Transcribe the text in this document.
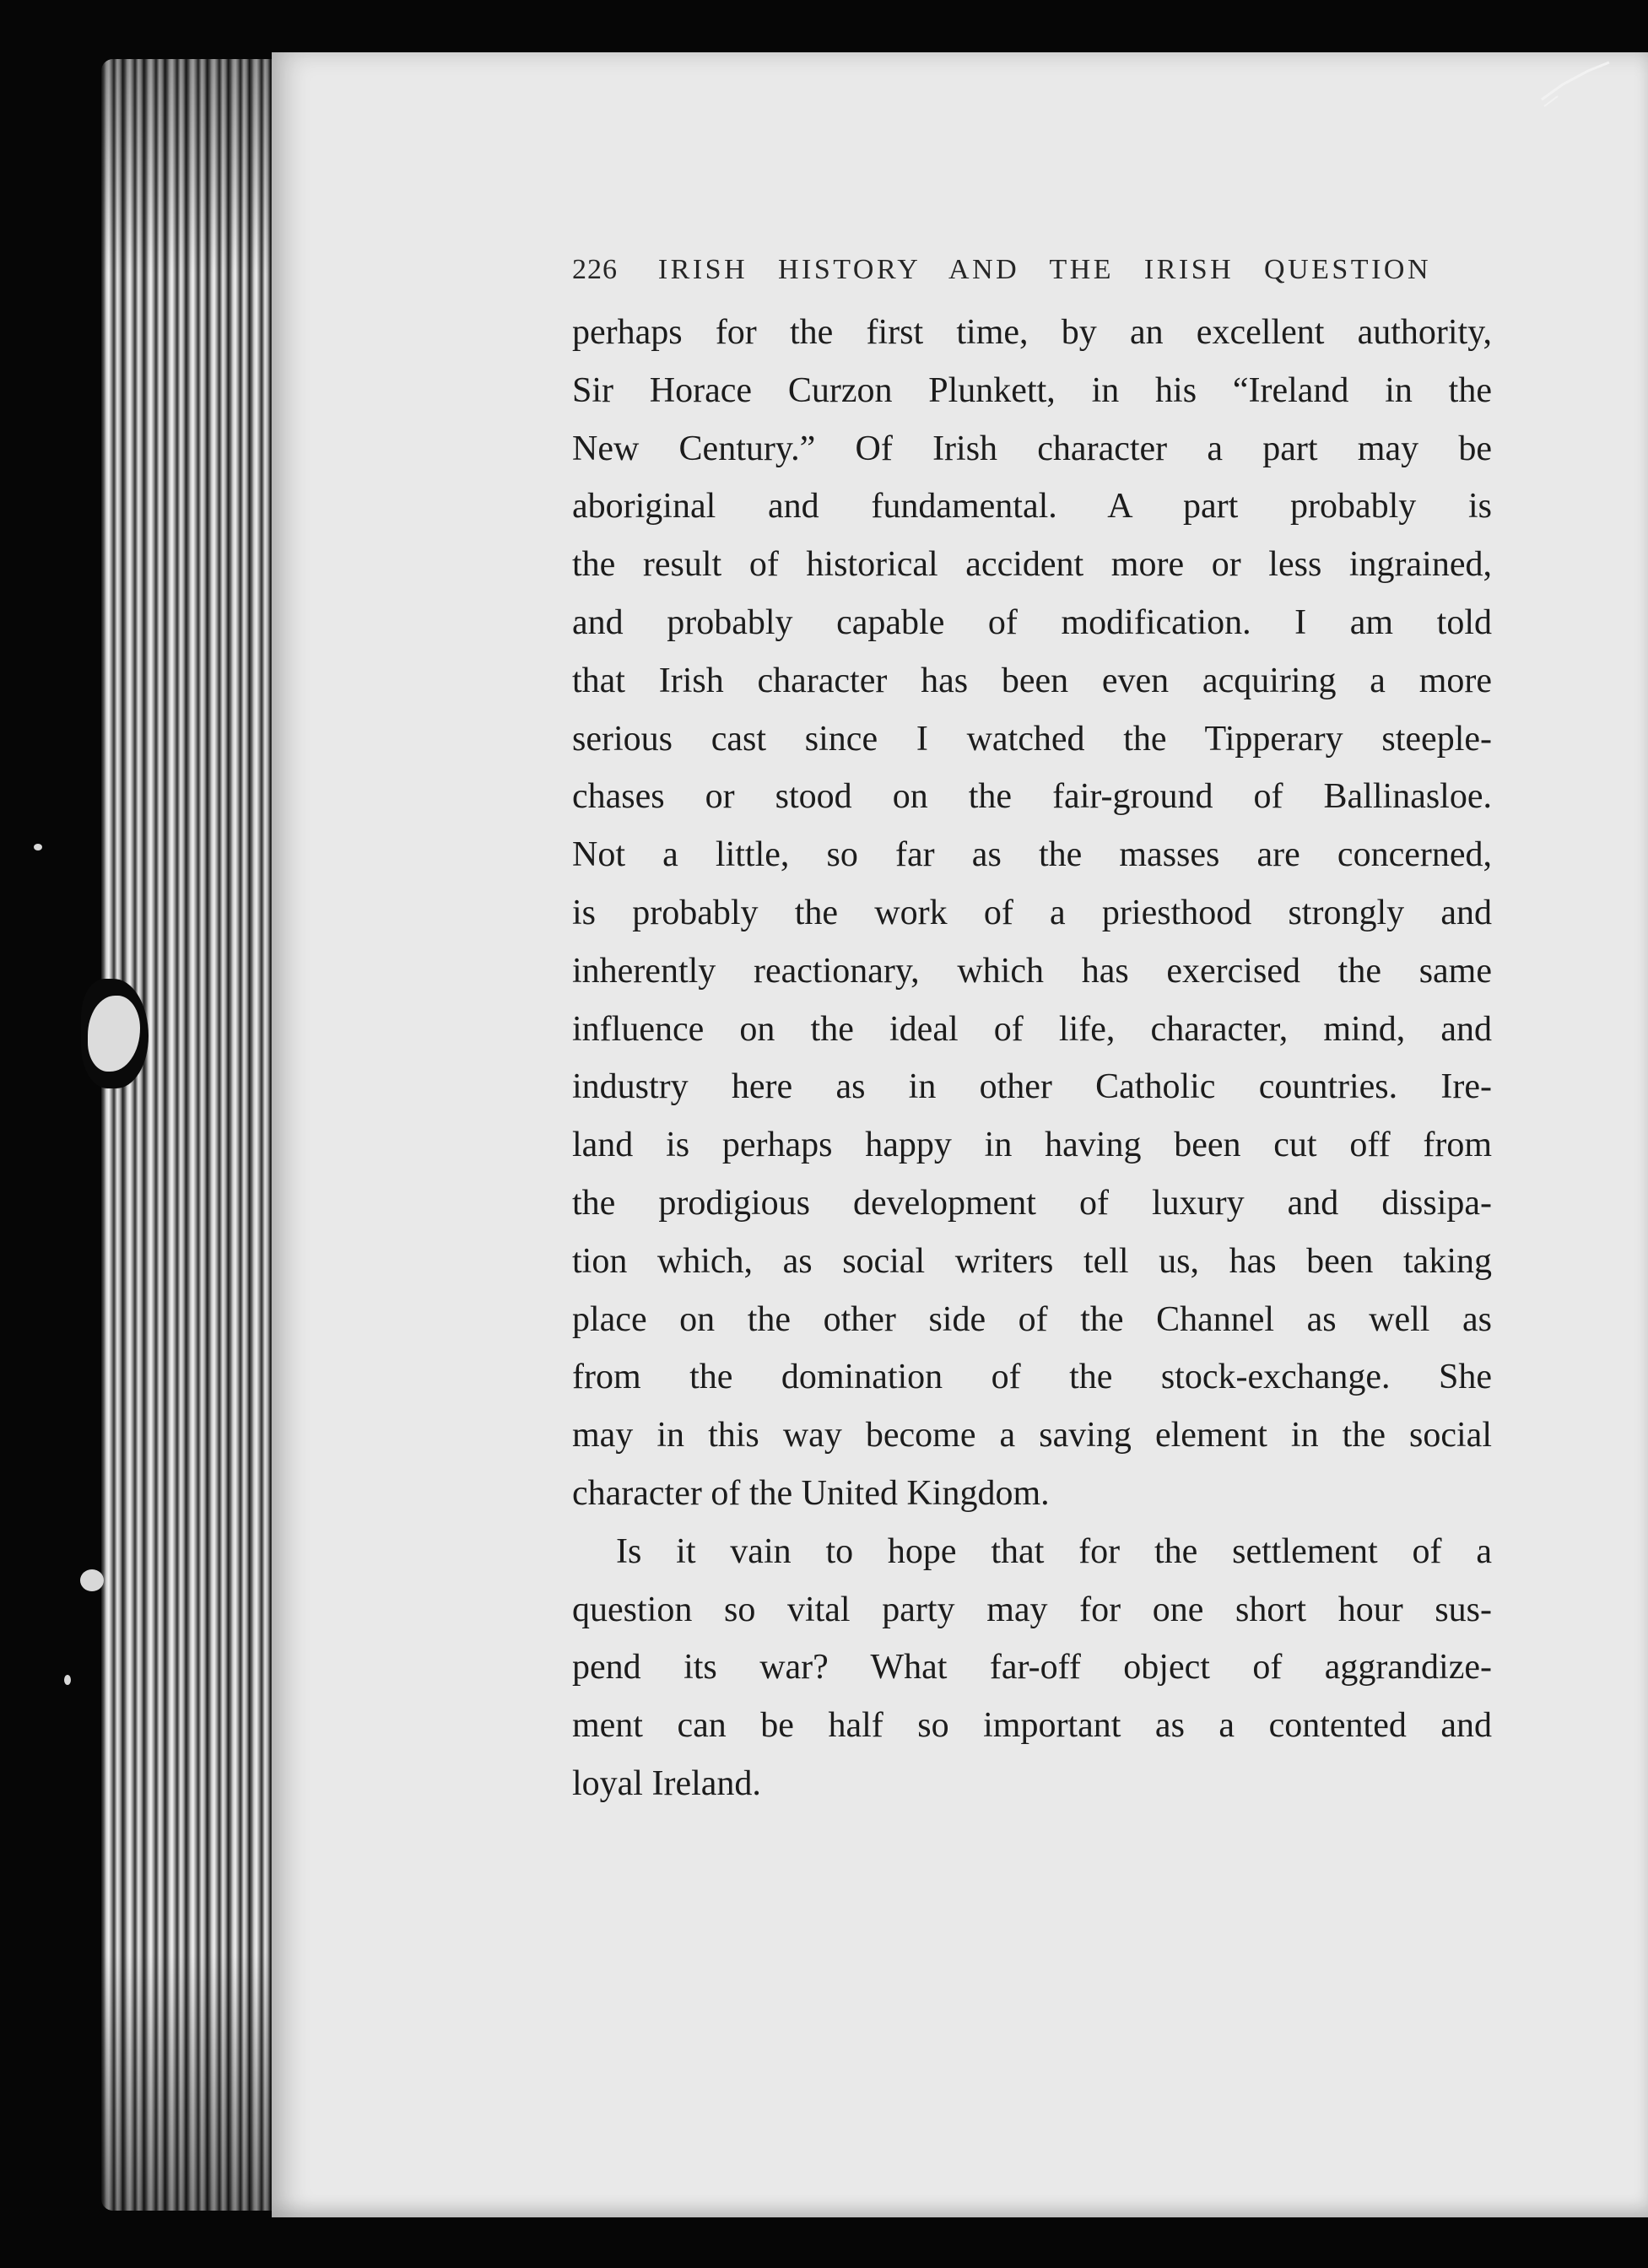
226 IRISH HISTORY AND THE IRISH QUESTION
perhaps for the first time, by an excellent authority,
Sir Horace Curzon Plunkett, in his “Ireland in the
New Century.” Of Irish character a part may be
aboriginal and fundamental. A part probably is
the result of historical accident more or less ingrained,
and probably capable of modification. I am told
that Irish character has been even acquiring a more
serious cast since I watched the Tipperary steeple-
chases or stood on the fair-ground of Ballinasloe.
Not a little, so far as the masses are concerned,
is probably the work of a priesthood strongly and
inherently reactionary, which has exercised the same
influence on the ideal of life, character, mind, and
industry here as in other Catholic countries. Ire-
land is perhaps happy in having been cut off from
the prodigious development of luxury and dissipa-
tion which, as social writers tell us, has been taking
place on the other side of the Channel as well as
from the domination of the stock-exchange. She
may in this way become a saving element in the social
character of the United Kingdom.
Is it vain to hope that for the settlement of a
question so vital party may for one short hour sus-
pend its war? What far-off object of aggrandize-
ment can be half so important as a contented and
loyal Ireland.
